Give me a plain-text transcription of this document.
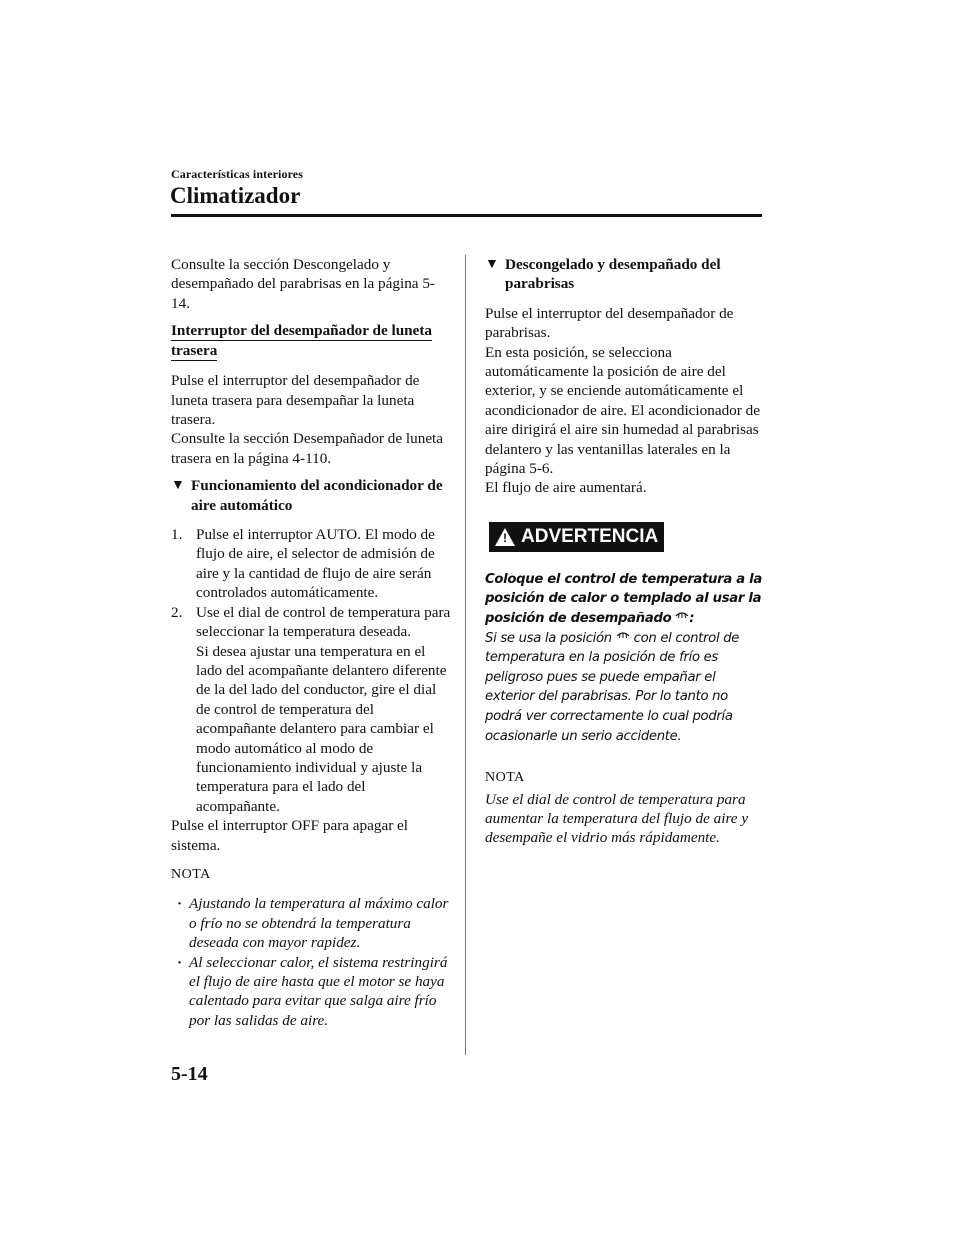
Características interiores
Climatizador

Consulte la sección Descongelado y desempañado del parabrisas en la página 5-14.

Interruptor del desempañador de luneta trasera

Pulse el interruptor del desempañador de luneta trasera para desempañar la luneta trasera.

Consulte la sección Desempañador de luneta trasera en la página 4-110.

▼ Funcionamiento del acondicionador de aire automático
1. Pulse el interruptor AUTO. El modo de flujo de aire, el selector de admisión de aire y la cantidad de flujo de aire serán controlados automáticamente.
2. Use el dial de control de temperatura para seleccionar la temperatura deseada.
Si desea ajustar una temperatura en el lado del acompañante delantero diferente de la del lado del conductor, gire el dial de control de temperatura del acompañante delantero para cambiar el modo automático al modo de funcionamiento individual y ajuste la temperatura para el lado del acompañante.

Pulse el interruptor OFF para apagar el sistema.

NOTA
· Ajustando la temperatura al máximo calor o frío no se obtendrá la temperatura deseada con mayor rapidez.
· Al seleccionar calor, el sistema restringirá el flujo de aire hasta que el motor se haya calentado para evitar que salga aire frío por las salidas de aire.
▼ Descongelado y desempañado del parabrisas

Pulse el interruptor del desempañador de parabrisas.

En esta posición, se selecciona automáticamente la posición de aire del exterior, y se enciende automáticamente el acondicionador de aire. El acondicionador de aire dirigirá el aire sin humedad al parabrisas delantero y las ventanillas laterales en la página 5-6.

El flujo de aire aumentará.

! ADVERTENCIA
Coloque el control de temperatura a la posición de calor o templado al usar la posición de desempañado :
Si se usa la posición con el control de temperatura en la posición de frío es peligroso pues se puede empañar el exterior del parabrisas. Por lo tanto no podrá ver correctamente lo cual podría ocasionarle un serio accidente.
NOTA
Use el dial de control de temperatura para aumentar la temperatura del flujo de aire y desempañe el vidrio más rápidamente.
5-14
